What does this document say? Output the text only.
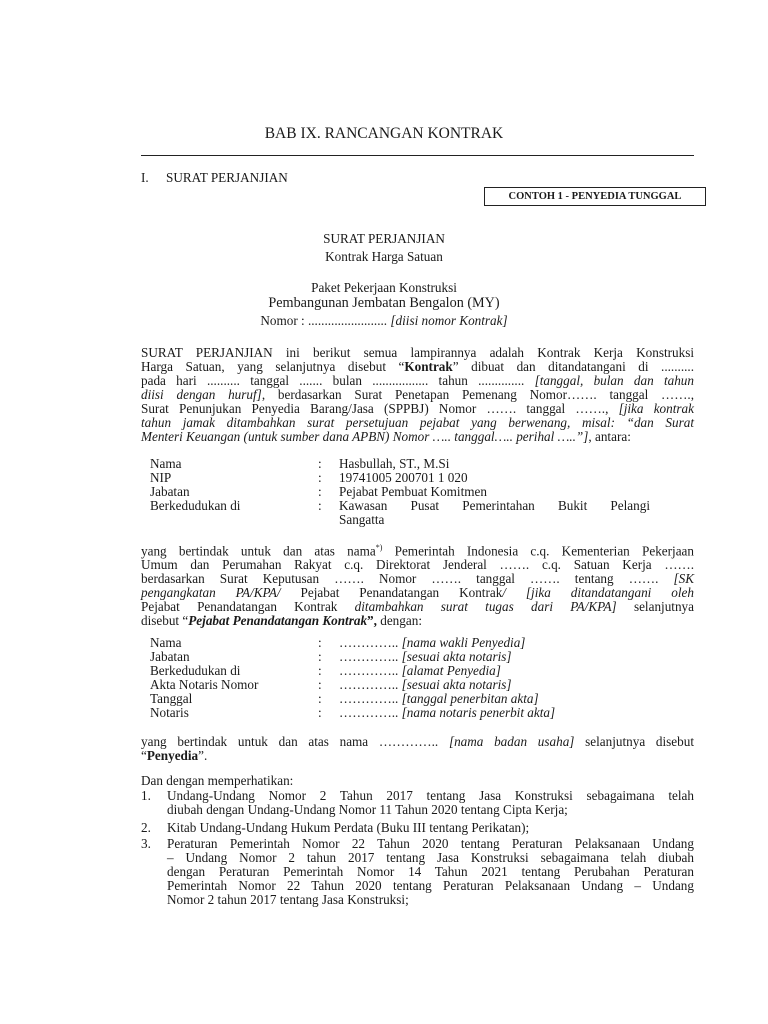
BAB IX. RANCANGAN KONTRAK
I. SURAT PERJANJIAN
CONTOH 1 - PENYEDIA TUNGGAL
SURAT PERJANJIAN
Kontrak Harga Satuan
Paket Pekerjaan Konstruksi
Pembangunan Jembatan Bengalon (MY)
Nomor : ........................ [diisi nomor Kontrak]
SURAT PERJANJIAN ini berikut semua lampirannya adalah Kontrak Kerja Konstruksi
Harga Satuan, yang selanjutnya disebut “Kontrak” dibuat dan ditandatangani di ..........
pada hari .......... tanggal ....... bulan ................. tahun .............. [tanggal, bulan dan tahun
diisi dengan huruf], berdasarkan Surat Penetapan Pemenang Nomor……. tanggal …….,
Surat Penunjukan Penyedia Barang/Jasa (SPPBJ) Nomor ……. tanggal ……., [jika kontrak
tahun jamak ditambahkan surat persetujuan pejabat yang berwenang, misal: “dan Surat
Menteri Keuangan (untuk sumber dana APBN) Nomor ….. tanggal….. perihal …..”], antara:
Nama	: Hasbullah, ST., M.Si
NIP	: 19741005 200701 1 020
Jabatan	: Pejabat Pembuat Komitmen
Berkedudukan di	: Kawasan Pusat Pemerintahan Bukit Pelangi
Sangatta
yang bertindak untuk dan atas nama*) Pemerintah Indonesia c.q. Kementerian Pekerjaan
Umum dan Perumahan Rakyat c.q. Direktorat Jenderal ……. c.q. Satuan Kerja …….
berdasarkan Surat Keputusan ……. Nomor ……. tanggal ……. tentang ……. [SK
pengangkatan PA/KPA/ Pejabat Penandatangan Kontrak/ [jika ditandatangani oleh
Pejabat Penandatangan Kontrak ditambahkan surat tugas dari PA/KPA] selanjutnya
disebut “Pejabat Penandatangan Kontrak”, dengan:
Nama	: ………….. [nama wakli Penyedia]
Jabatan	: ………….. [sesuai akta notaris]
Berkedudukan di	: ………….. [alamat Penyedia]
Akta Notaris Nomor	: ………….. [sesuai akta notaris]
Tanggal	: ………….. [tanggal penerbitan akta]
Notaris	: ………….. [nama notaris penerbit akta]
yang bertindak untuk dan atas nama ………….. [nama badan usaha] selanjutnya disebut
“Penyedia”.
Dan dengan memperhatikan:
1. Undang-Undang Nomor 2 Tahun 2017 tentang Jasa Konstruksi sebagaimana telah
diubah dengan Undang-Undang Nomor 11 Tahun 2020 tentang Cipta Kerja;
2. Kitab Undang-Undang Hukum Perdata (Buku III tentang Perikatan);
3. Peraturan Pemerintah Nomor 22 Tahun 2020 tentang Peraturan Pelaksanaan Undang
– Undang Nomor 2 tahun 2017 tentang Jasa Konstruksi sebagaimana telah diubah
dengan Peraturan Pemerintah Nomor 14 Tahun 2021 tentang Perubahan Peraturan
Pemerintah Nomor 22 Tahun 2020 tentang Peraturan Pelaksanaan Undang – Undang
Nomor 2 tahun 2017 tentang Jasa Konstruksi;
